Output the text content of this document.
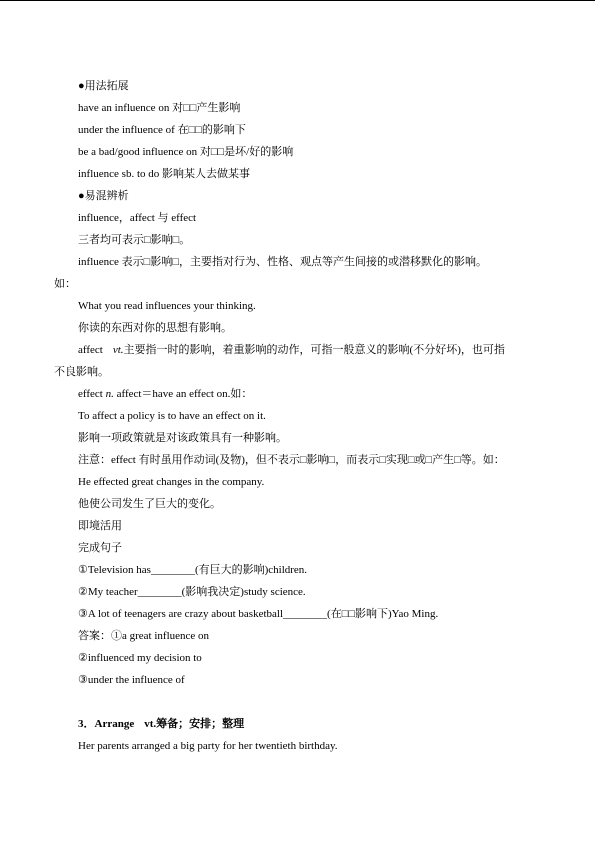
●用法拓展
have an influence on 对□□产生影响
under the influence of 在□□的影响下
be a bad/good influence on 对□□是坏/好的影响
influence sb. to do 影响某人去做某事
●易混辨析
influence，affect 与 effect
三者均可表示□影响□。
influence 表示□影响□，主要指对行为、性格、观点等产生间接的或潜移默化的影响。
如：
What you read influences your thinking.
你读的东西对你的思想有影响。
affect vt.主要指一时的影响，着重影响的动作，可指一般意义的影响(不分好坏)，也可指
不良影响。
effect n. affect＝have an effect on.如：
To affect a policy is to have an effect on it.
影响一项政策就是对该政策具有一种影响。
注意：effect 有时虽用作动词(及物)，但不表示□影响□，而表示□实现□或□产生□等。如：
He effected great changes in the company.
他使公司发生了巨大的变化。
即境活用
完成句子
①Television has________(有巨大的影响)children.
②My teacher________(影响我决定)study science.
③A lot of teenagers are crazy about basketball________(在□□影响下)Yao Ming.
答案：①a great influence on
②influenced my decision to
③under the influence of
3．Arrange vt.筹备；安排；整理
Her parents arranged a big party for her twentieth birthday.
